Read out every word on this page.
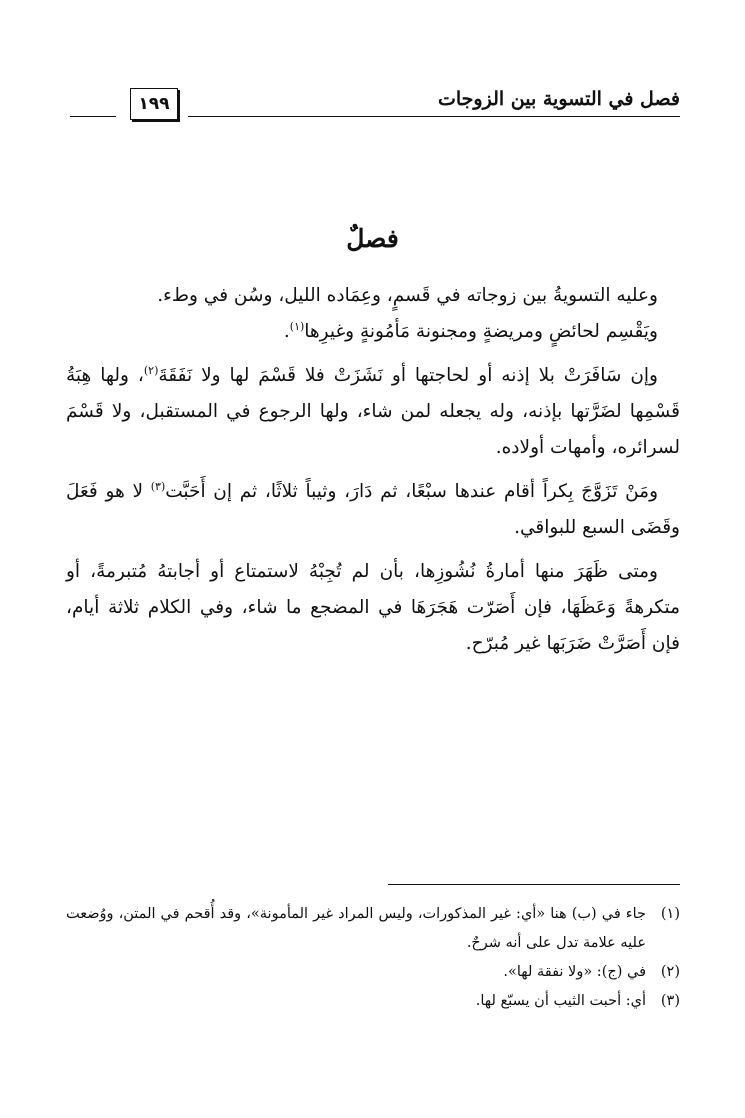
١٩٩	فصل في التسوية بين الزوجات
فصلٌ

وعليه التسويةُ بين زوجاته في قَسمٍ، وعِمَاده الليل، وسُن في وطء.
ويَقْسِم لحائضٍ ومريضةٍ ومجنونة مَأمُونةٍ وغيرِها$^{(١)}$.

وإن سَافَرَتْ بلا إذنه أو لحاجتها أو نَشَزَتْ فلا قَسْمَ لها ولا نَفَقَةَ$^{(٢)}$، ولها هِبَةُ قَسْمِها لضَرَّتها بإذنه، وله يجعله لمن شاء، ولها الرجوع في المستقبل، ولا قَسْمَ لسرائره، وأمهات أولاده.

ومَنْ تَزَوَّجَ بِكراً أقام عندها سبْعًا، ثم دَارَ، وثيباً ثلاثًا، ثم إن أَحَبَّت$^{(٣)}$ لا هو فَعَلَ وقَضَى السبع للبواقي.

ومتى ظَهَرَ منها أمارةُ نُشُوزِها، بأن لم تُجِبْهُ لاستمتاع أو أجابتهُ مُتبرمةً، أو متكرهةً وَعَظَهَا، فإن أَصَرّت هَجَرَهَا في المضجع ما شاء، وفي الكلام ثلاثة أيام، فإن أَصَرَّتْ ضَرَبَها غير مُبرّح.

(١)
جاء في (ب) هنا «أي: غير المذكورات، وليس المراد غير المأمونة»، وقد أُقحم في المتن، ووُضعت عليه علامة تدل على أنه شرحٌ.

(٢)
في (ج): «ولا نفقة لها».

(٣)
أي: أحبت الثيب أن يسبّع لها.
